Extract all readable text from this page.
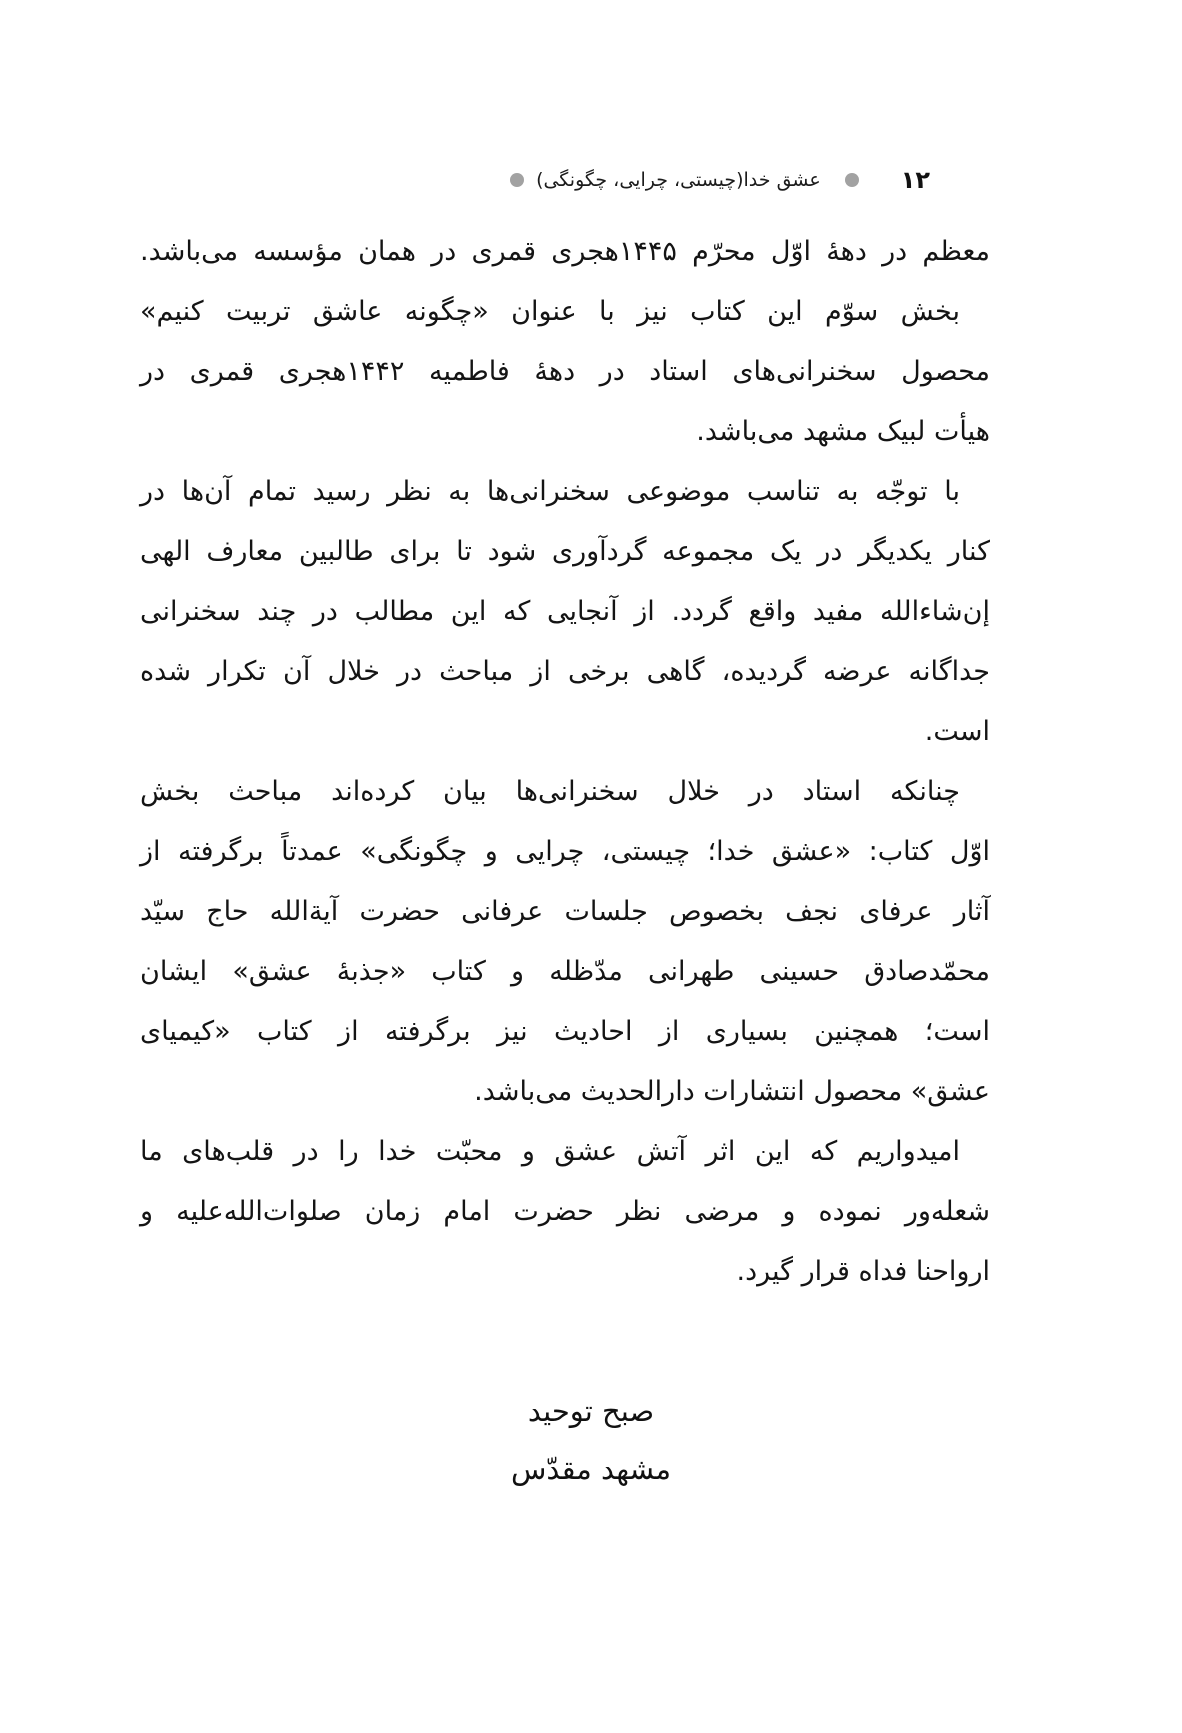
عشق خدا(چیستی، چرایی، چگونگی)	۱۲
معظم در دهۀ اوّل محرّم ۱۴۴۵هجری قمری در همان مؤسسه می‌باشد.
بخش سوّم این کتاب نیز با عنوان «چگونه عاشق تربیت کنیم»
محصول سخنرانی‌های استاد در دهۀ فاطمیه ۱۴۴۲هجری قمری در
هیأت لبیک مشهد می‌باشد.
با توجّه به تناسب موضوعی سخنرانی‌ها به نظر رسید تمام آن‌ها در
کنار یکدیگر در یک مجموعه گردآوری شود تا برای طالبین معارف الهی
إن‌شاءالله مفید واقع گردد. از آنجایی که این مطالب در چند سخنرانی
جداگانه عرضه گردیده، گاهی برخی از مباحث در خلال آن تکرار شده
است.
چنانکه استاد در خلال سخنرانی‌ها بیان کرده‌اند مباحث بخش
اوّل کتاب: «عشق خدا؛ چیستی، چرایی و چگونگی» عمدتاً برگرفته از
آثار عرفای نجف بخصوص جلسات عرفانی حضرت آیةالله حاج سیّد
محمّدصادق حسینی طهرانی مدّظله و کتاب «جذبۀ عشق» ایشان
است؛ همچنین بسیاری از احادیث نیز برگرفته از کتاب «کیمیای
عشق» محصول انتشارات دارالحدیث می‌باشد.
امیدواریم که این اثر آتش عشق و محبّت خدا را در قلب‌های ما
شعله‌ور نموده و مرضی نظر حضرت امام زمان صلوات‌الله‌علیه و
ارواحنا فداه قرار گیرد.
صبح توحید
مشهد مقدّس
